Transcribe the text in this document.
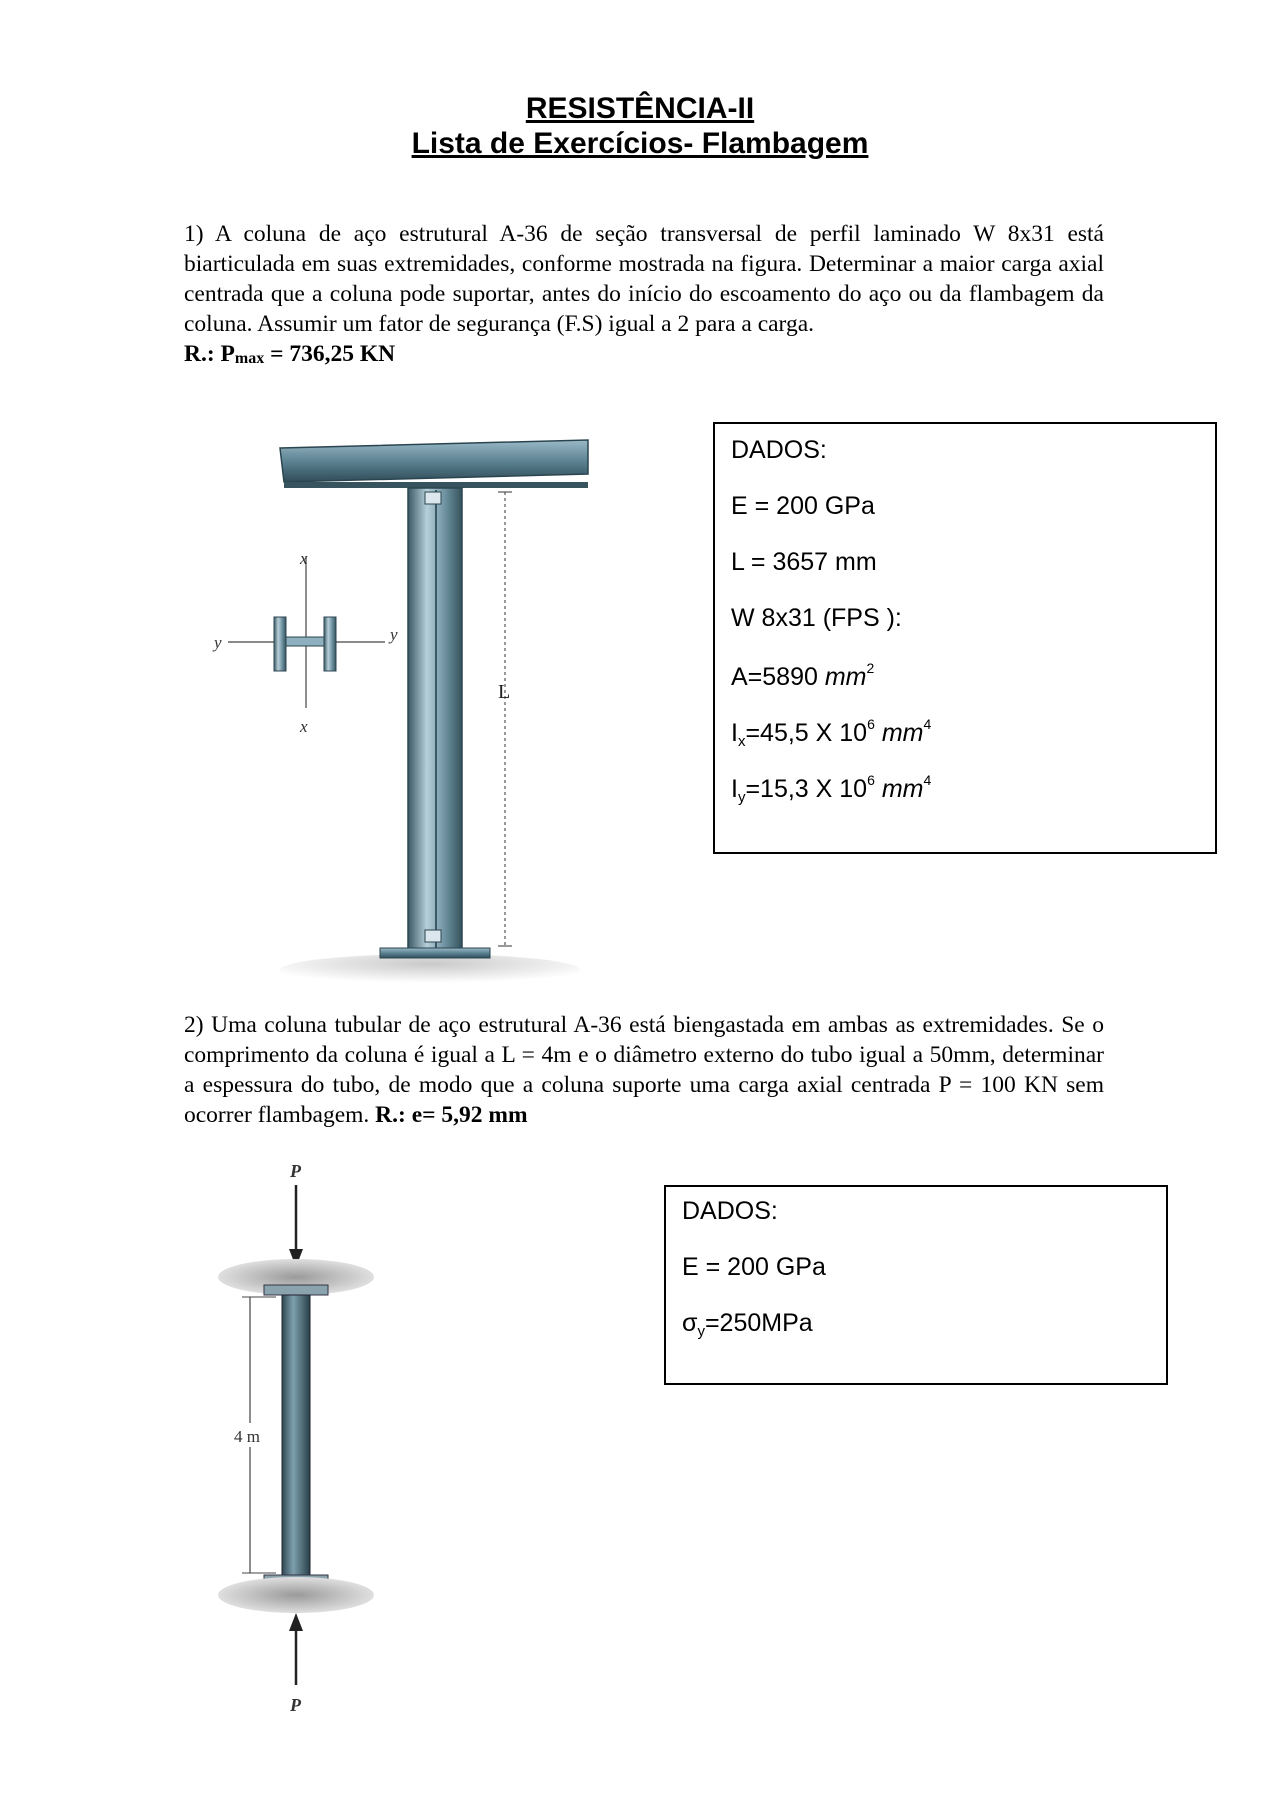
RESISTÊNCIA-II
Lista de Exercícios- Flambagem
1) A coluna de aço estrutural A-36 de seção transversal de perfil laminado W 8x31 está biarticulada em suas extremidades, conforme mostrada na figura. Determinar a maior carga axial centrada que a coluna pode suportar, antes do início do escoamento do aço ou da flambagem da coluna. Assumir um fator de segurança (F.S) igual a 2 para a carga.
R.: $P_{max} = 736,25$ KN
L
x
x
y	y
DADOS:
E = 200 GPa
L = 3657 mm
W 8x31 (FPS ):
A=5890 $mm^2$
$I_x=45,5$ X $10^6$ $mm^4$
$I_y=15,3$ X $10^6$ $mm^4$
2) Uma coluna tubular de aço estrutural A-36 está biengastada em ambas as extremidades. Se o comprimento da coluna é igual a L = 4m e o diâmetro externo do tubo igual a 50mm, determinar a espessura do tubo, de modo que a coluna suporte uma carga axial centrada P = 100 KN sem ocorrer flambagem. R.: e= 5,92 mm
P
4 m
P
DADOS:
E = 200 GPa
$\sigma_y=250MPa$
